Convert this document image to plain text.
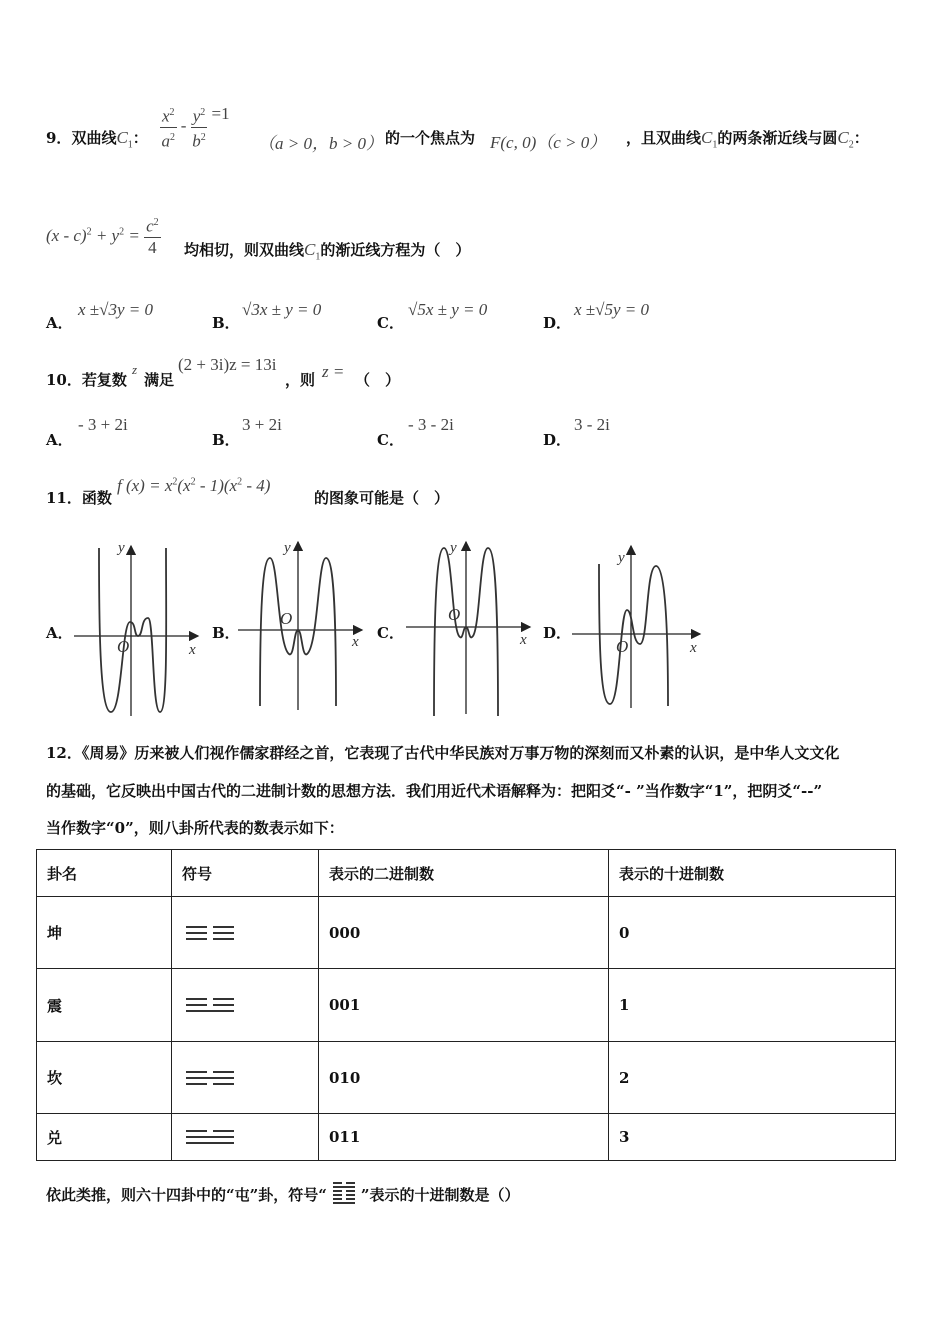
9．双曲线$C_1$： $\frac{x^2}{a^2} - \frac{y^2}{b^2} =1$
（a > 0，b > 0） 的一个焦点为 F(c, 0)（c > 0） ，且双曲线$C_1$的两条渐近线与圆$C_2$：
$(x - c)^2 + y^2 = \frac{c^2}{4}$ 均相切，则双曲线$C_1$的渐近线方程为（　）
A．
x ±√3y = 0
B．
√3x ± y = 0
C．
√5x ± y = 0
D．
x ±√5y = 0
10．若复数
z
满足
(2 + 3i)z = 13i
，则 z = （　）
A．
- 3 + 2i
B．
3 + 2i
C．
- 3 - 2i
D．
3 - 2i
11．函数
f $(x) = x^2(x^2 - 1)(x^2 - 4)$
的图象可能是（　）
A．	B．	C．	D．
y
O	x
y
O
x
y
O
x
y
O	x
12．《周易》历来被人们视作儒家群经之首，它表现了古代中华民族对万事万物的深刻而又朴素的认识，是中华人文文化
的基础，它反映出中国古代的二进制计数的思想方法．我们用近代术语解释为：把阳爻“- ”当作数字“1”，把阴爻“--”
当作数字“0”，则八卦所代表的数表示如下：
卦名	符号	表示的二进制数	表示的十进制数
坤		000	0
震		001	1
坎		010	2
兑		011	3
依此类推，则六十四卦中的“屯”卦，符号“ ”表示的十进制数是（）
